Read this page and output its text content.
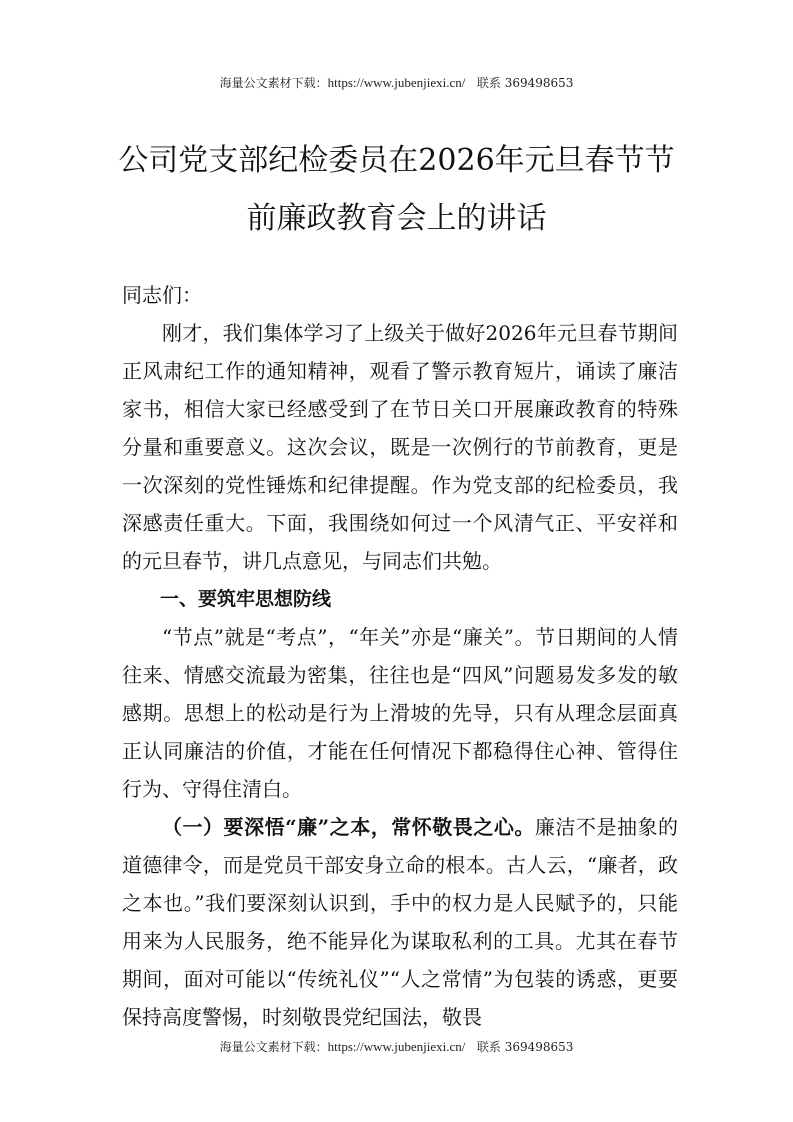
海量公文素材下载：https://www.jubenjiexi.cn/ 联系 369498653
公司党支部纪检委员在2026年元旦春节节
前廉政教育会上的讲话

同志们：

刚才，我们集体学习了上级关于做好2026年元旦春节期间正风肃纪工作的通知精神，观看了警示教育短片，诵读了廉洁家书，相信大家已经感受到了在节日关口开展廉政教育的特殊分量和重要意义。这次会议，既是一次例行的节前教育，更是一次深刻的党性锤炼和纪律提醒。作为党支部的纪检委员，我深感责任重大。下面，我围绕如何过一个风清气正、平安祥和的元旦春节，讲几点意见，与同志们共勉。

一、要筑牢思想防线

“节点”就是“考点”，“年关”亦是“廉关”。节日期间的人情往来、情感交流最为密集，往往也是“四风”问题易发多发的敏感期。思想上的松动是行为上滑坡的先导，只有从理念层面真正认同廉洁的价值，才能在任何情况下都稳得住心神、管得住行为、守得住清白。

（一）要深悟“廉”之本，常怀敬畏之心。廉洁不是抽象的道德律令，而是党员干部安身立命的根本。古人云，“廉者，政之本也。”我们要深刻认识到，手中的权力是人民赋予的，只能用来为人民服务，绝不能异化为谋取私利的工具。尤其在春节期间，面对可能以“传统礼仪”“人之常情”为包装的诱惑，更要保持高度警惕，时刻敬畏党纪国法，敬畏

海量公文素材下载：https://www.jubenjiexi.cn/ 联系 369498653
